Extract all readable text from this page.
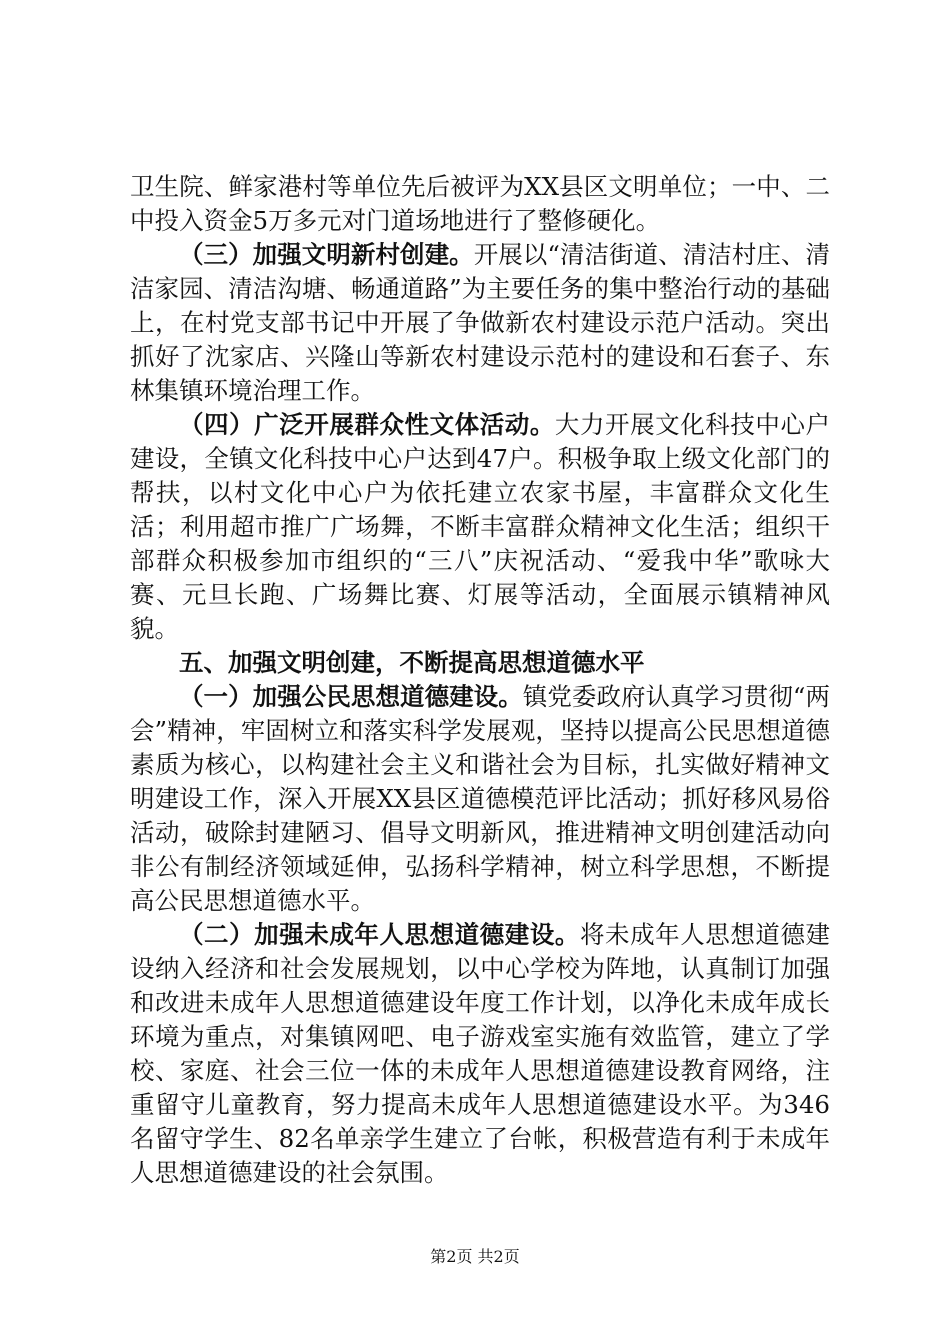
卫生院、鲜家港村等单位先后被评为XX县区文明单位；一中、二中投入资金5万多元对门道场地进行了整修硬化。

（三）加强文明新村创建。开展以“清洁街道、清洁村庄、清洁家园、清洁沟塘、畅通道路”为主要任务的集中整治行动的基础上，在村党支部书记中开展了争做新农村建设示范户活动。突出抓好了沈家店、兴隆山等新农村建设示范村的建设和石套子、东林集镇环境治理工作。

（四）广泛开展群众性文体活动。大力开展文化科技中心户建设，全镇文化科技中心户达到47户。积极争取上级文化部门的帮扶，以村文化中心户为依托建立农家书屋，丰富群众文化生活；利用超市推广广场舞，不断丰富群众精神文化生活；组织干部群众积极参加市组织的“三八”庆祝活动、“爱我中华”歌咏大赛、元旦长跑、广场舞比赛、灯展等活动，全面展示镇精神风貌。

五、加强文明创建，不断提高思想道德水平

（一）加强公民思想道德建设。镇党委政府认真学习贯彻“两会”精神，牢固树立和落实科学发展观，坚持以提高公民思想道德素质为核心，以构建社会主义和谐社会为目标，扎实做好精神文明建设工作，深入开展XX县区道德模范评比活动；抓好移风易俗活动，破除封建陋习、倡导文明新风，推进精神文明创建活动向非公有制经济领域延伸，弘扬科学精神，树立科学思想，不断提高公民思想道德水平。

（二）加强未成年人思想道德建设。将未成年人思想道德建设纳入经济和社会发展规划，以中心学校为阵地，认真制订加强和改进未成年人思想道德建设年度工作计划，以净化未成年成长环境为重点，对集镇网吧、电子游戏室实施有效监管，建立了学校、家庭、社会三位一体的未成年人思想道德建设教育网络，注重留守儿童教育，努力提高未成年人思想道德建设水平。为346名留守学生、82名单亲学生建立了台帐，积极营造有利于未成年人思想道德建设的社会氛围。

第2页 共2页
